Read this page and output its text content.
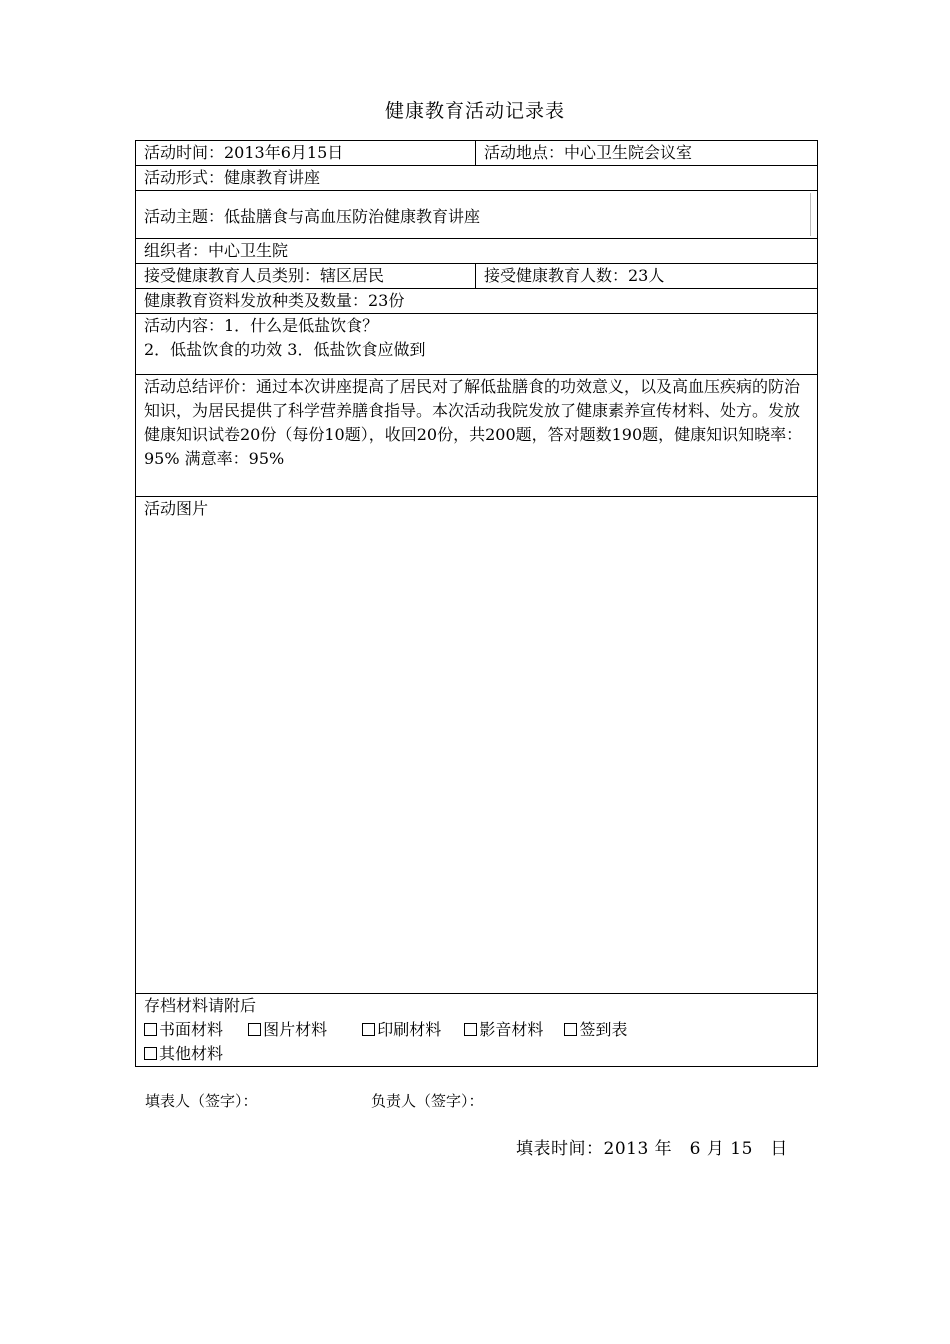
健康教育活动记录表
活动时间：2013年6月15日	活动地点：中心卫生院会议室
活动形式：健康教育讲座	

活动主题：低盐膳食与高血压防治健康教育讲座	

组织者：中心卫生院	
接受健康教育人员类别：辖区居民	接受健康教育人数：23人
健康教育资料发放种类及数量：23份	

活动内容：1．什么是低盐饮食？
2．低盐饮食的功效 3．低盐饮食应做到	

活动总结评价：通过本次讲座提高了居民对了解低盐膳食的功效意义，以及高血压疾病的防治知识，为居民提供了科学营养膳食指导。本次活动我院发放了健康素养宣传材料、处方。发放健康知识试卷20份（每份10题），收回20份，共200题，答对题数190题，健康知识知晓率：95% 满意率：95%	
活动图片	

存档材料请附后
书面材料 图片材料 印刷材料 影音材料 签到表
其他材料	
填表人（签字）：	负责人（签字）：
填表时间：2013 年　6 月 15　日
